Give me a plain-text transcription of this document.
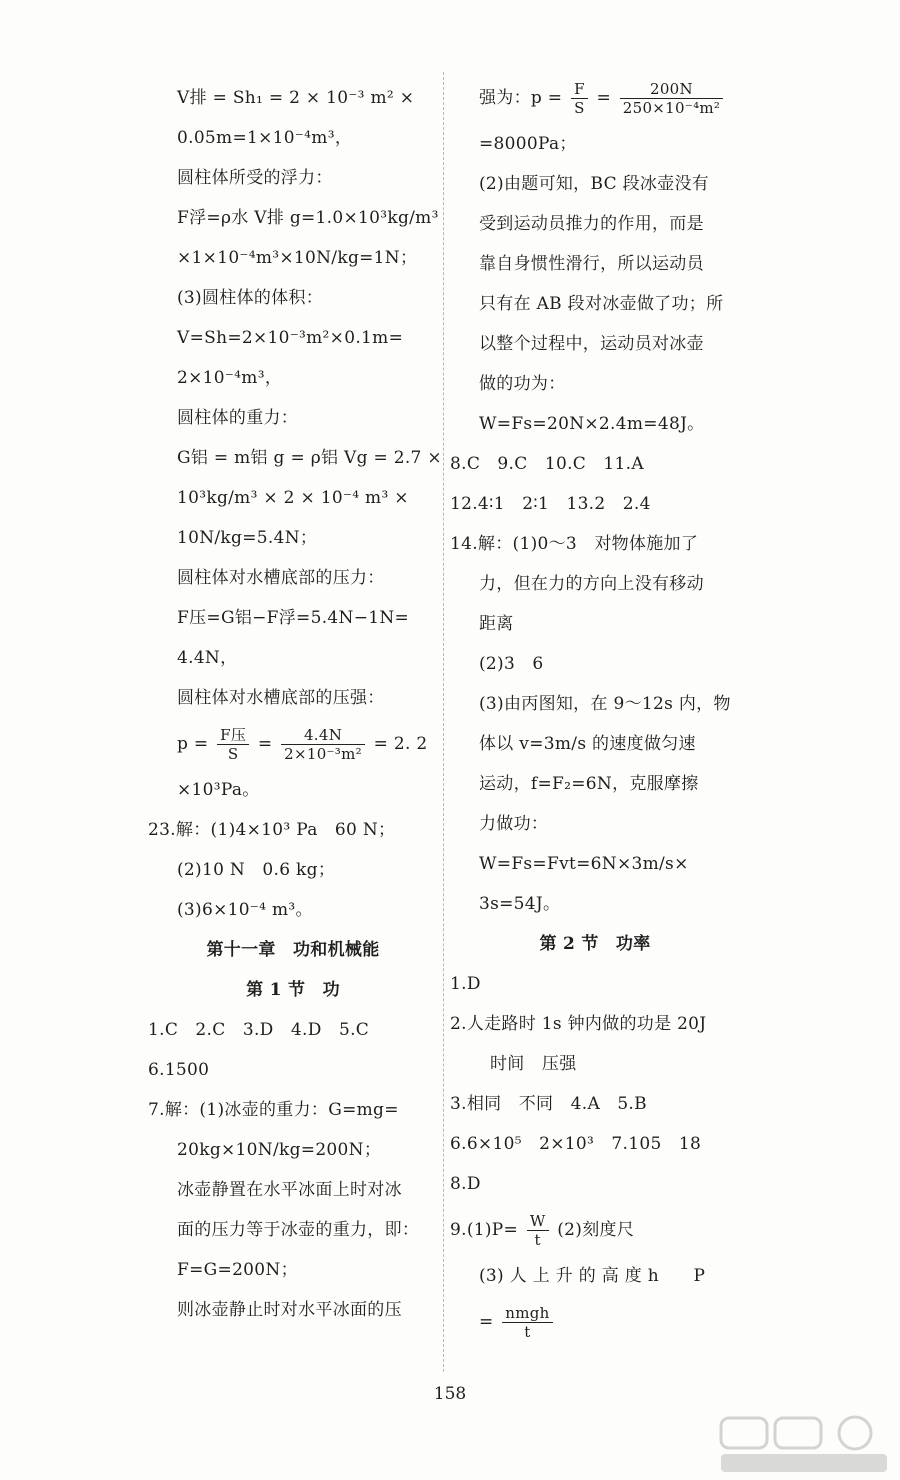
V排 = Sh₁ = 2 × 10⁻³ m² ×
0.05m=1×10⁻⁴m³，
圆柱体所受的浮力：
F浮=ρ水 V排 g=1.0×10³kg/m³
×1×10⁻⁴m³×10N/kg=1N；
(3)圆柱体的体积：
V=Sh=2×10⁻³m²×0.1m=
2×10⁻⁴m³，
圆柱体的重力：
G铝 = m铝 g = ρ铝 Vg = 2.7 ×
10³kg/m³ × 2 × 10⁻⁴ m³ ×
10N/kg=5.4N；
圆柱体对水槽底部的压力：
F压=G铝−F浮=5.4N−1N=
4.4N，
圆柱体对水槽底部的压强：
$p = \frac{\text{F压}}{S} = \frac{4.4N}{\text{2×10⁻³m²}} = 2$. 2
×10³Pa。
23.解：(1)4×10³ Pa　60 N；
(2)10 N　0.6 kg；
(3)6×10⁻⁴ m³。
第十一章　功和机械能
第 1 节　功
1.C　2.C　3.D　4.D　5.C
6.1500
7.解：(1)冰壶的重力：G=mg=
20kg×10N/kg=200N；
冰壶静置在水平冰面上时对冰
面的压力等于冰壶的重力，即：
F=G=200N；
则冰壶静止时对水平冰面的压
强为：$p = \frac{F}{S} = \frac{200N}{\text{250×10⁻⁴m²}}$
=8000Pa；
(2)由题可知，BC 段冰壶没有
受到运动员推力的作用，而是
靠自身惯性滑行，所以运动员
只有在 AB 段对冰壶做了功；所
以整个过程中，运动员对冰壶
做的功为：
W=Fs=20N×2.4m=48J。
8.C　9.C　10.C　11.A
12.4∶1　2∶1　13.2　2.4
14.解：(1)0～3　对物体施加了
力，但在力的方向上没有移动
距离
(2)3　6
(3)由丙图知，在 9～12s 内，物
体以 v=3m/s 的速度做匀速
运动，f=F₂=6N，克服摩擦
力做功：
W=Fs=Fvt=6N×3m/s×
3s=54J。
第 2 节　功率
1.D
2.人走路时 1s 钟内做的功是 20J
时间　压强
3.相同　不同　4.A　5.B
6.6×10⁵　2×10³　7.105　18
8.D
$9.(1)P= \frac{W}{t} (2)$刻度尺
(3) 人 上 升 的 高 度 h　　P
= $\frac{\text{nmgh}}{t}$
158
